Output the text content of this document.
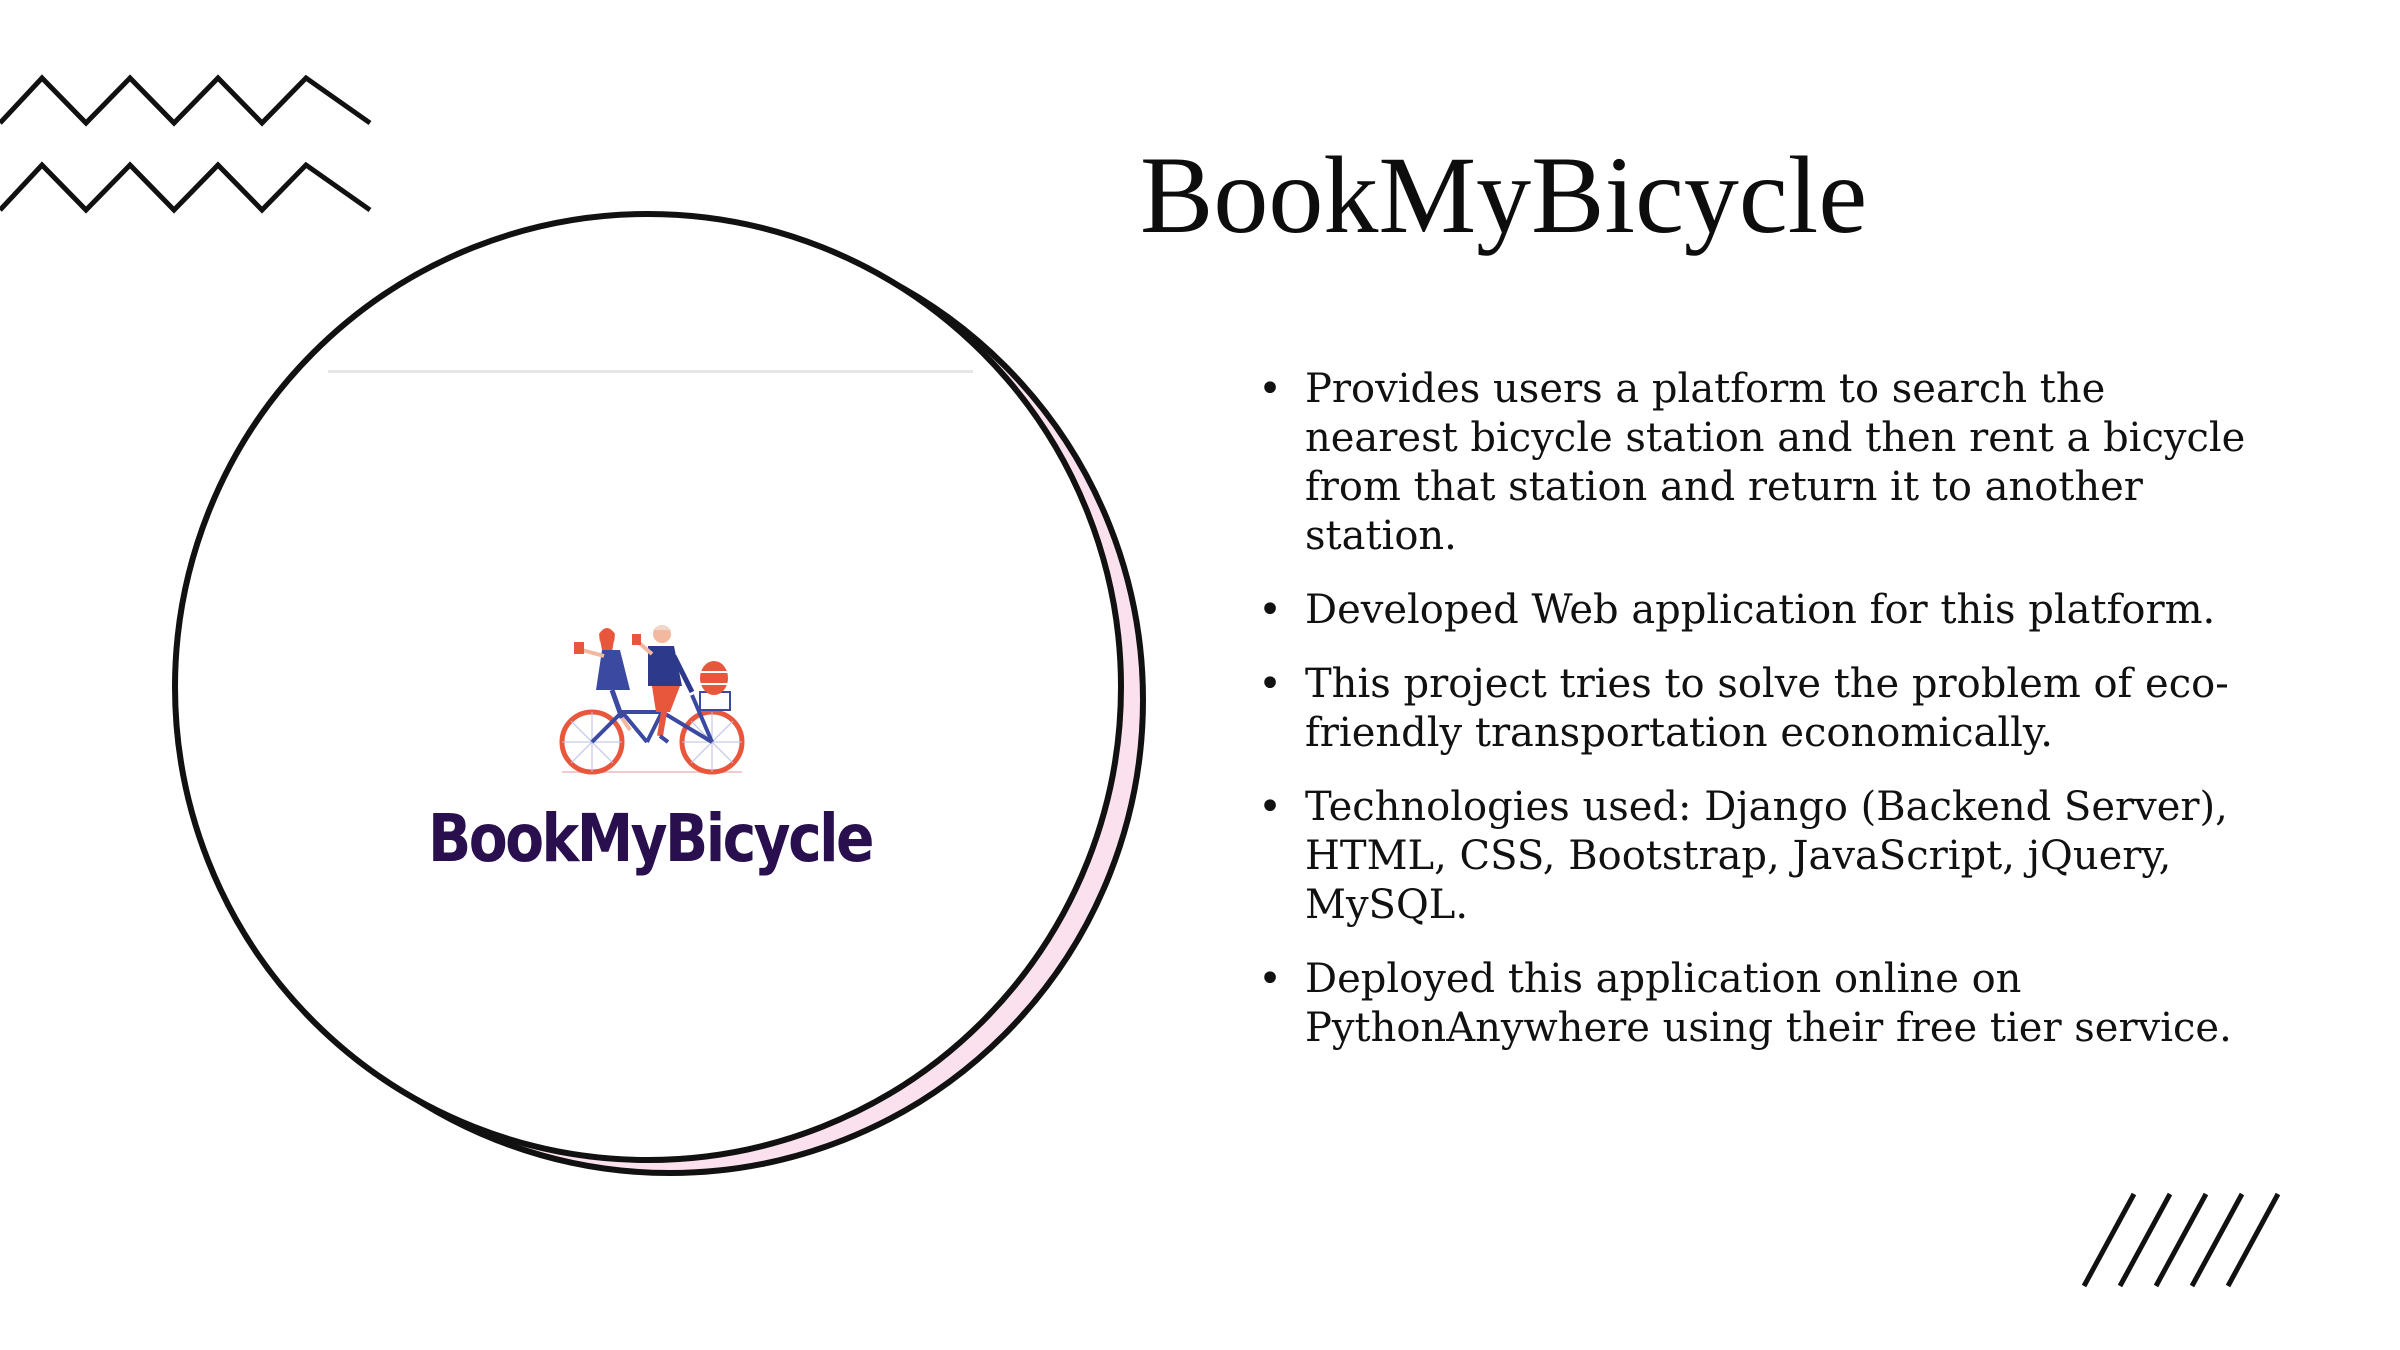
BookMyBicycle
BookMyBicycle
• Provides users a platform to search the nearest bicycle station and then rent a bicycle from that station and return it to another station.
• Developed Web application for this platform.
• This project tries to solve the problem of eco-friendly transportation economically.
• Technologies used: Django (Backend Server), HTML, CSS, Bootstrap, JavaScript, jQuery, MySQL.
• Deployed this application online on PythonAnywhere using their free tier service.
